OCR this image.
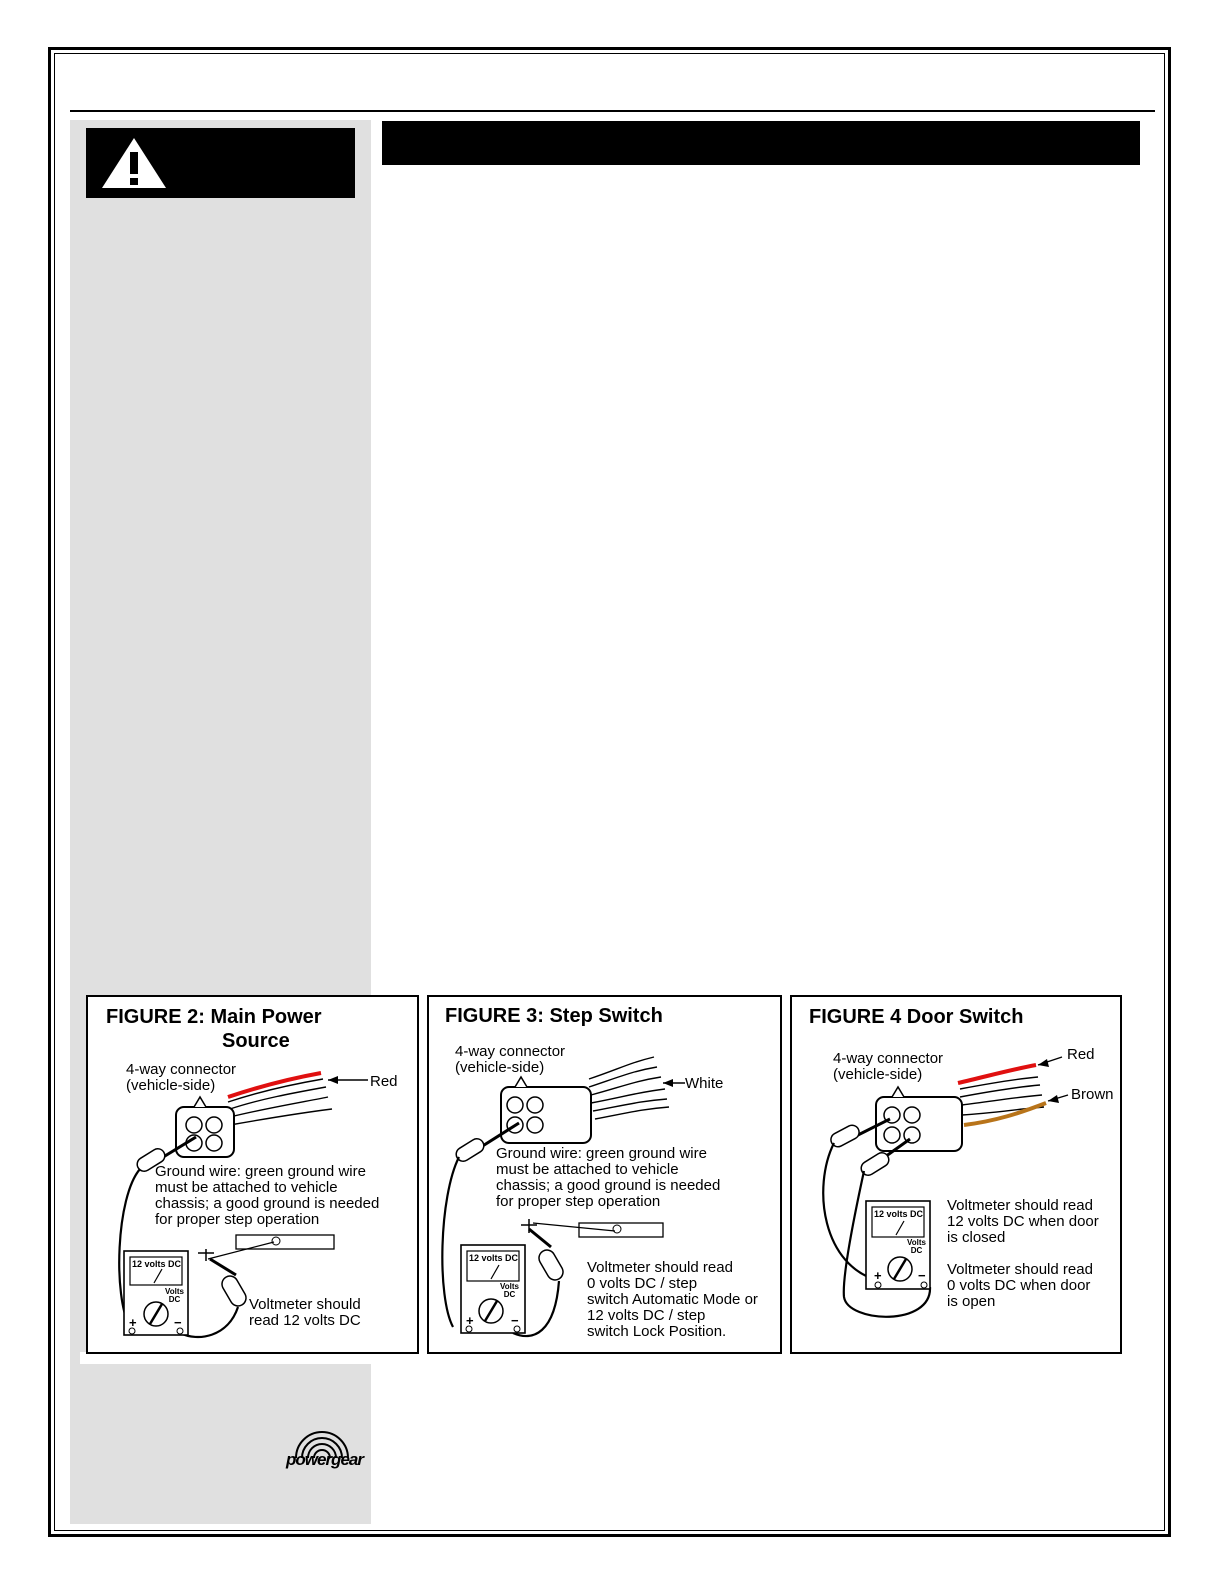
+	−
FIGURE 2: Main Power
Source
4-way connector
(vehicle-side)	Red
Ground wire: green ground wire
must be attached to vehicle
chassis; a good ground is needed
for proper step operation
12 volts DC
Volts
DC	Voltmeter should
read 12 volts DC	+	−
FIGURE 3: Step Switch
4-way connector
(vehicle-side)
White
Ground wire: green ground wire
must be attached to vehicle
chassis; a good ground is needed
for proper step operation
12 volts DC
Volts
DC
Voltmeter should read
0 volts DC / step
switch Automatic Mode or
12 volts DC / step
switch Lock Position.
+	−
FIGURE 4 Door Switch
4-way connector
(vehicle-side)
Red
Brown
12 volts DC
Volts
DC
Voltmeter should read
12 volts DC when door
is closed
Voltmeter should read
0 volts DC when door
is open
powergear
